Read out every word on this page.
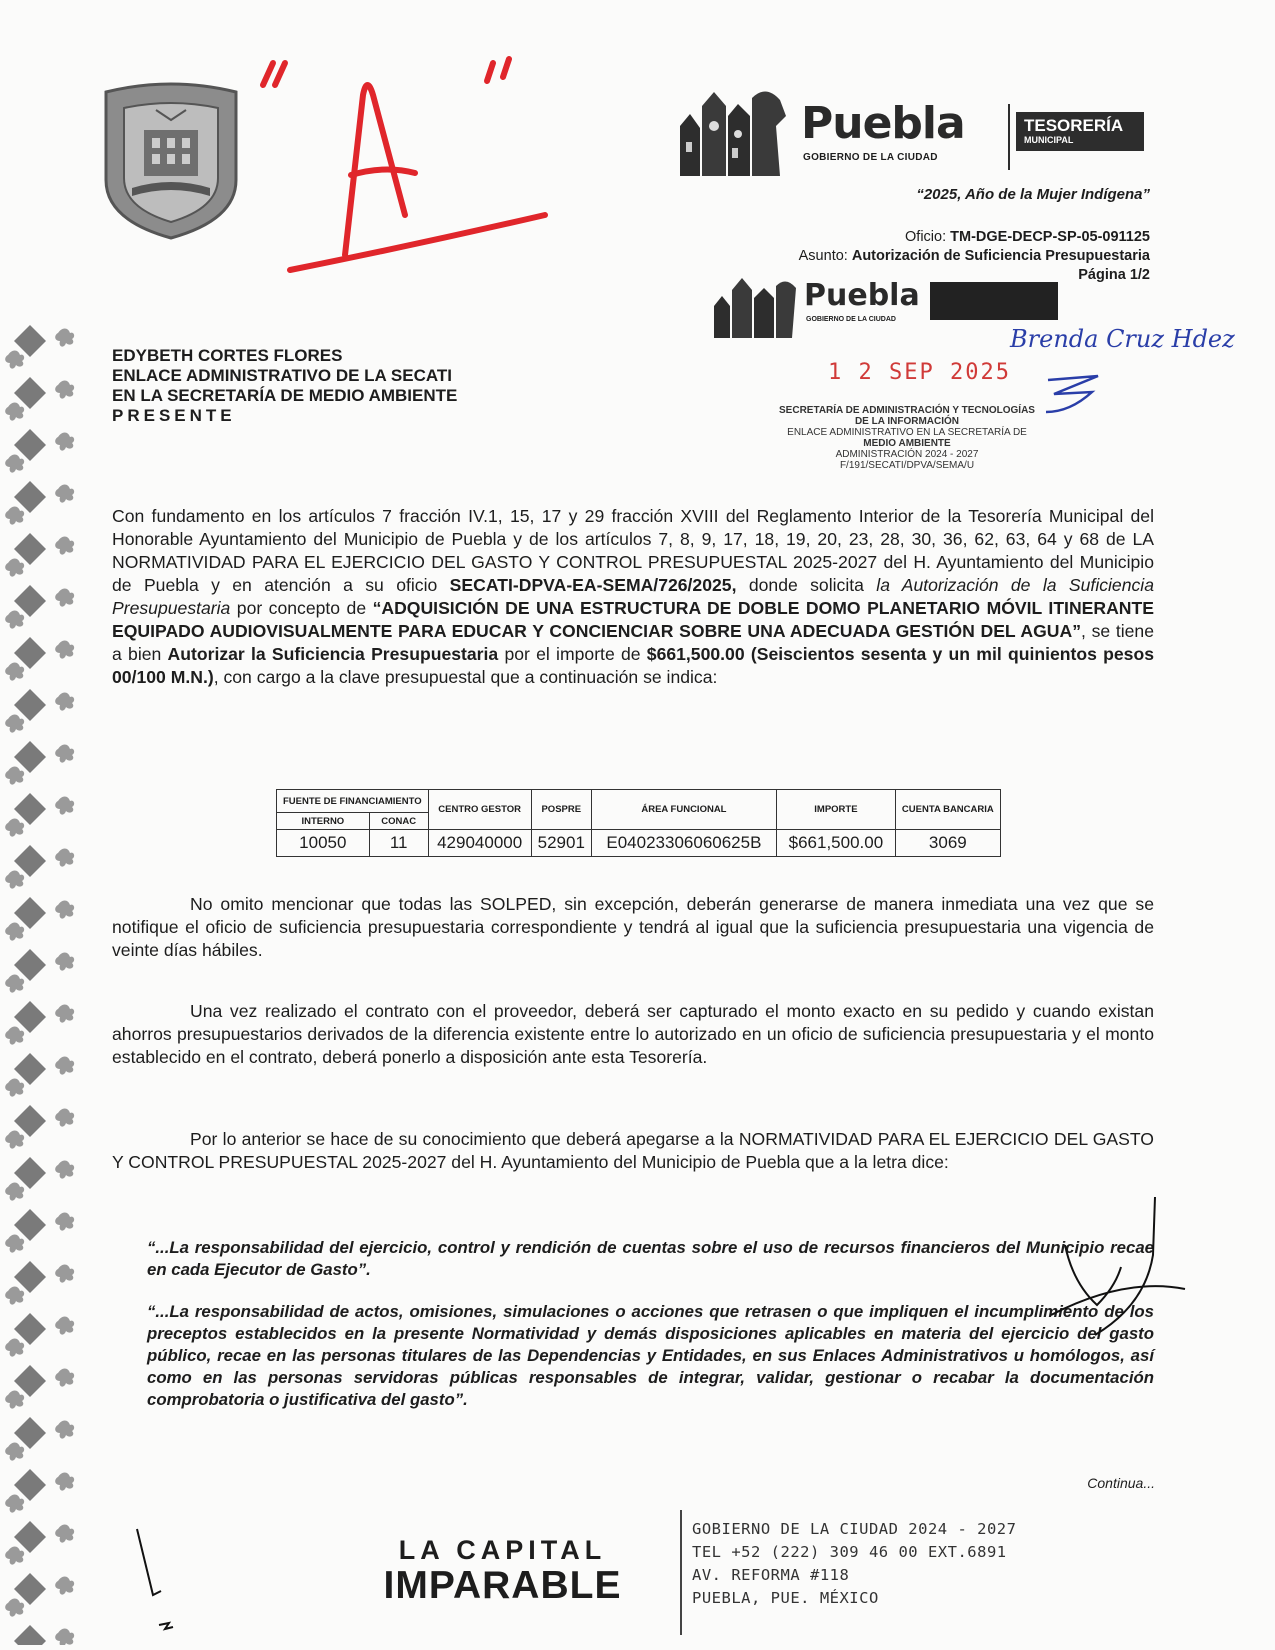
Puebla
GOBIERNO DE LA CIUDAD
TESORERÍA
MUNICIPAL
“2025, Año de la Mujer Indígena”
Oficio: TM-DGE-DECP-SP-05-091125
Asunto: Autorización de Suficiencia Presupuestaria
Página 1/2
Puebla
GOBIERNO DE LA CIUDAD
Brenda Cruz Hdez
1 2 SEP 2025
SECRETARÍA DE ADMINISTRACIÓN Y TECNOLOGÍAS
DE LA INFORMACIÓN
ENLACE ADMINISTRATIVO EN LA SECRETARÍA DE
MEDIO AMBIENTE
ADMINISTRACIÓN 2024 - 2027
F/191/SECATI/DPVA/SEMA/U
EDYBETH CORTES FLORES
ENLACE ADMINISTRATIVO DE LA SECATI
EN LA SECRETARÍA DE MEDIO AMBIENTE
PRESENTE
Con fundamento en los artículos 7 fracción IV.1, 15, 17 y 29 fracción XVIII del Reglamento Interior de la Tesorería Municipal del Honorable Ayuntamiento del Municipio de Puebla y de los artículos 7, 8, 9, 17, 18, 19, 20, 23, 28, 30, 36, 62, 63, 64 y 68 de LA NORMATIVIDAD PARA EL EJERCICIO DEL GASTO Y CONTROL PRESUPUESTAL 2025-2027 del H. Ayuntamiento del Municipio de Puebla y en atención a su oficio SECATI-DPVA-EA-SEMA/726/2025, donde solicita la Autorización de la Suficiencia Presupuestaria por concepto de “ADQUISICIÓN DE UNA ESTRUCTURA DE DOBLE DOMO PLANETARIO MÓVIL ITINERANTE EQUIPADO AUDIOVISUALMENTE PARA EDUCAR Y CONCIENCIAR SOBRE UNA ADECUADA GESTIÓN DEL AGUA”, se tiene a bien Autorizar la Suficiencia Presupuestaria por el importe de $661,500.00 (Seiscientos sesenta y un mil quinientos pesos 00/100 M.N.), con cargo a la clave presupuestal que a continuación se indica:
FUENTE DE FINANCIAMIENTO		CENTRO GESTOR	POSPRE	ÁREA FUNCIONAL	IMPORTE	CUENTA BANCARIA
INTERNO	CONAC					
10050	11	429040000	52901	E04023306060625B	$661,500.00	3069
No omito mencionar que todas las SOLPED, sin excepción, deberán generarse de manera inmediata una vez que se notifique el oficio de suficiencia presupuestaria correspondiente y tendrá al igual que la suficiencia presupuestaria una vigencia de veinte días hábiles.
Una vez realizado el contrato con el proveedor, deberá ser capturado el monto exacto en su pedido y cuando existan ahorros presupuestarios derivados de la diferencia existente entre lo autorizado en un oficio de suficiencia presupuestaria y el monto establecido en el contrato, deberá ponerlo a disposición ante esta Tesorería.
Por lo anterior se hace de su conocimiento que deberá apegarse a la NORMATIVIDAD PARA EL EJERCICIO DEL GASTO Y CONTROL PRESUPUESTAL 2025-2027 del H. Ayuntamiento del Municipio de Puebla que a la letra dice:
“...La responsabilidad del ejercicio, control y rendición de cuentas sobre el uso de recursos financieros del Municipio recae en cada Ejecutor de Gasto”.
“...La responsabilidad de actos, omisiones, simulaciones o acciones que retrasen o que impliquen el incumplimiento de los preceptos establecidos en la presente Normatividad y demás disposiciones aplicables en materia del ejercicio del gasto público, recae en las personas titulares de las Dependencias y Entidades, en sus Enlaces Administrativos u homólogos, así como en las personas servidoras públicas responsables de integrar, validar, gestionar o recabar la documentación comprobatoria o justificativa del gasto”.
Continua...
LA CAPITAL
IMPARABLE
GOBIERNO DE LA CIUDAD 2024 - 2027
TEL +52 (222) 309 46 00 EXT.6891
AV. REFORMA #118
PUEBLA, PUE. MÉXICO
